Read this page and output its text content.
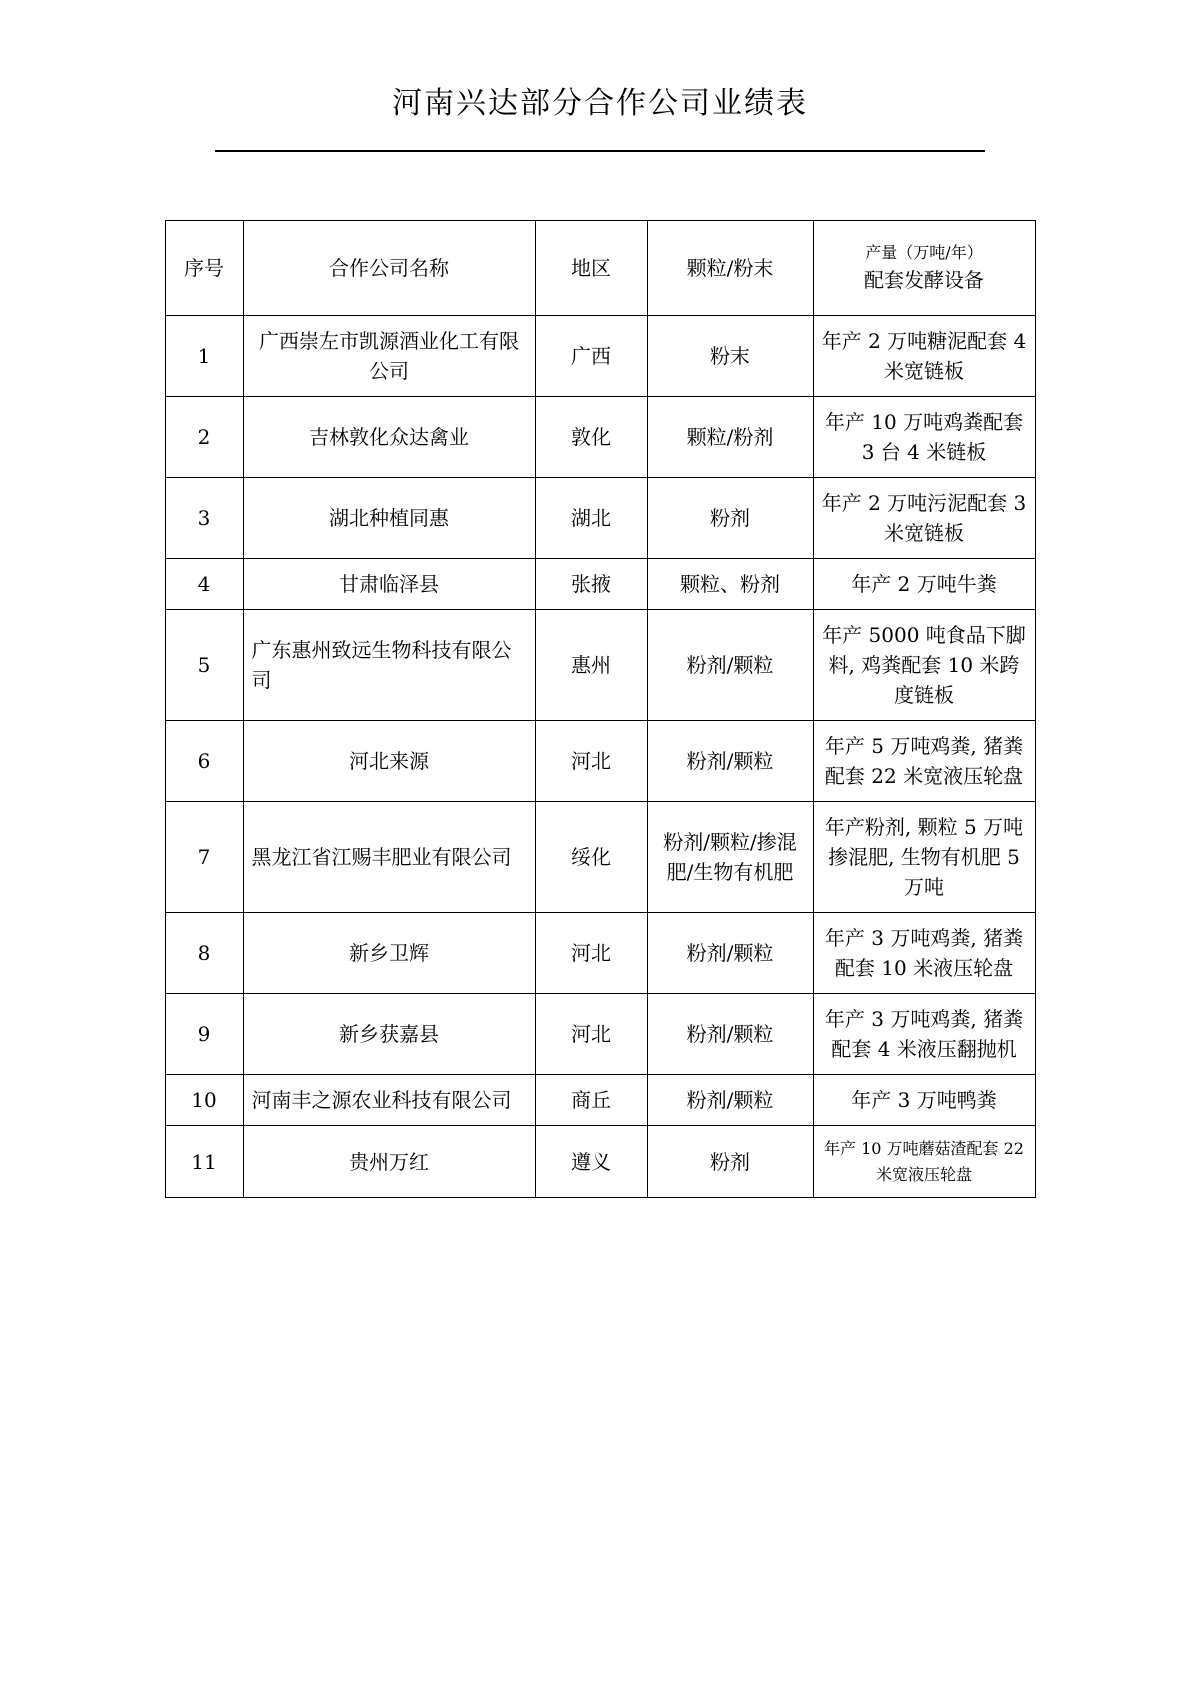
河南兴达部分合作公司业绩表
序号	合作公司名称	地区	颗粒/粉末	产量（万吨/年）
配套发酵设备

1	广西崇左市凯源酒业化工有限公司	广西	粉末	年产 2 万吨糖泥配套 4 米宽链板
2	吉林敦化众达禽业	敦化	颗粒/粉剂	年产 10 万吨鸡粪配套 3 台 4 米链板
3	湖北种植同惠	湖北	粉剂	年产 2 万吨污泥配套 3 米宽链板
4	甘肃临泽县	张掖	颗粒、粉剂	年产 2 万吨牛粪
5	广东惠州致远生物科技有限公司	惠州	粉剂/颗粒	年产 5000 吨食品下脚料, 鸡粪配套 10 米跨度链板
6	河北来源	河北	粉剂/颗粒	年产 5 万吨鸡粪, 猪粪配套 22 米宽液压轮盘
7	黑龙江省江赐丰肥业有限公司	绥化	粉剂/颗粒/掺混肥/生物有机肥	年产粉剂, 颗粒 5 万吨掺混肥, 生物有机肥 5 万吨
8	新乡卫辉	河北	粉剂/颗粒	年产 3 万吨鸡粪, 猪粪配套 10 米液压轮盘
9	新乡获嘉县	河北	粉剂/颗粒	年产 3 万吨鸡粪, 猪粪配套 4 米液压翻抛机
10	河南丰之源农业科技有限公司	商丘	粉剂/颗粒	年产 3 万吨鸭粪
11	贵州万红	遵义	粉剂	年产 10 万吨蘑菇渣配套 22 米宽液压轮盘
